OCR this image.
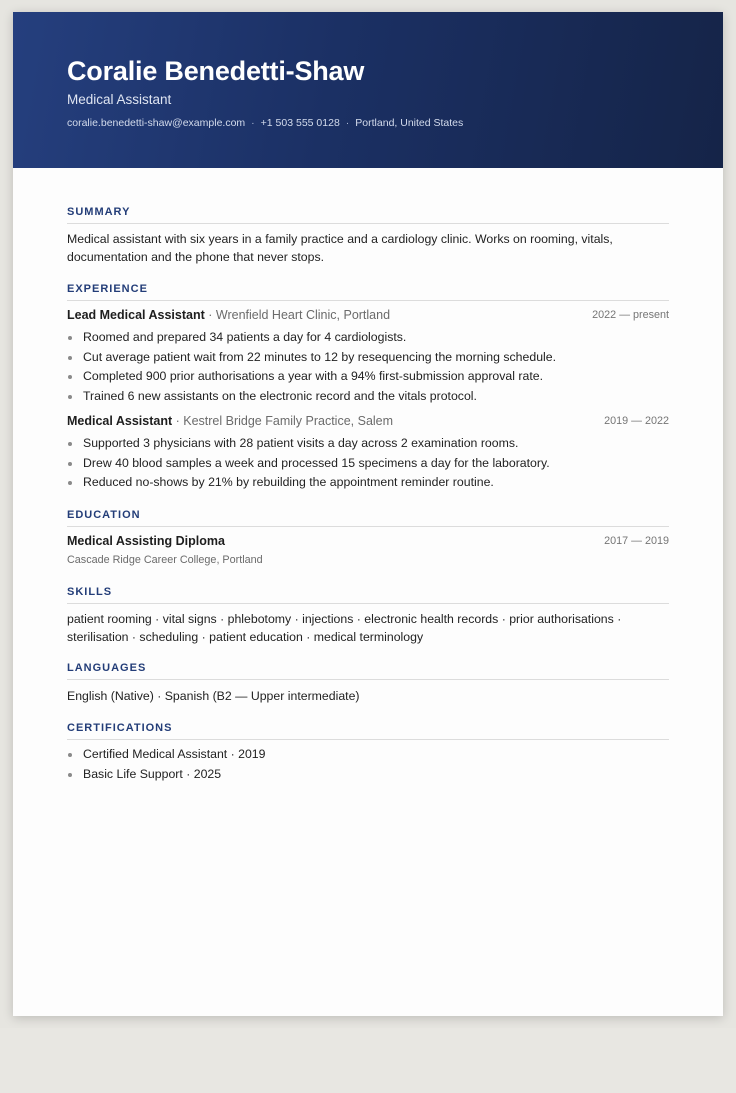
Coralie Benedetti-Shaw
Medical Assistant
coralie.benedetti-shaw@example.com · +1 503 555 0128 · Portland, United States
SUMMARY
Medical assistant with six years in a family practice and a cardiology clinic. Works on rooming, vitals, documentation and the phone that never stops.
EXPERIENCE
Lead Medical Assistant · Wrenfield Heart Clinic, Portland	2022 — present
Roomed and prepared 34 patients a day for 4 cardiologists.
Cut average patient wait from 22 minutes to 12 by resequencing the morning schedule.
Completed 900 prior authorisations a year with a 94% first-submission approval rate.
Trained 6 new assistants on the electronic record and the vitals protocol.
Medical Assistant · Kestrel Bridge Family Practice, Salem	2019 — 2022
Supported 3 physicians with 28 patient visits a day across 2 examination rooms.
Drew 40 blood samples a week and processed 15 specimens a day for the laboratory.
Reduced no-shows by 21% by rebuilding the appointment reminder routine.
EDUCATION
Medical Assisting Diploma	2017 — 2019
Cascade Ridge Career College, Portland
SKILLS
patient rooming · vital signs · phlebotomy · injections · electronic health records · prior authorisations · sterilisation · scheduling · patient education · medical terminology
LANGUAGES
English (Native) · Spanish (B2 — Upper intermediate)
CERTIFICATIONS
Certified Medical Assistant · 2019
Basic Life Support · 2025
